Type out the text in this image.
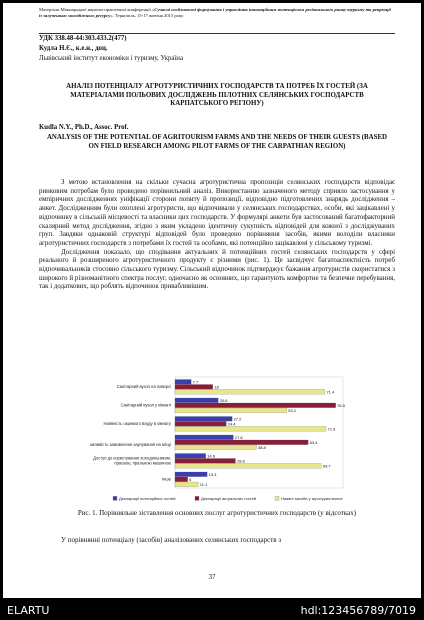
Матеріали Міжнародної науково-практичної конференції «Сучасні особливості формування і управління інноваційним потенціалом регіонального ринку туризму та рекреації із залученням молодіжного ресурсу». Тернопіль, 15-17 жовтня 2015 року
УДК 338.48-44:303.433.2(477)
Кудла Н.Є., к.е.н., доц.
Львівський інститут економіки і туризму, Україна
АНАЛІЗ ПОТЕНЦІАЛУ АГРОТУРИСТИЧНИХ ГОСПОДАРСТВ ТА ПОТРЕБ ЇХ ГОСТЕЙ (ЗА МАТЕРІАЛАМИ ПОЛЬОВИХ ДОСЛІДЖЕНЬ ПІЛОТНИХ СЕЛЯНСЬКИХ ГОСПОДАРСТВ КАРПАТСЬКОГО РЕГІОНУ)
Kudla N.Y., Ph.D., Assoc. Prof.
ANALYSIS OF THE POTENTIAL OF AGRITOURISM FARMS AND THE NEEDS OF THEIR GUESTS (BASED ON FIELD RESEARCH AMONG PILOT FARMS OF THE CARPATHIAN REGION)

З метою встановлення на скільки сучасна агротуристична пропозиція селянських господарств відповідає ринковим потребам було проведено порівняльний аналіз. Використанню зазначеного методу сприяло застосування у емпіричних дослідженнях уніфікації сторони попиту й пропозиції, відповідно підготовлених знарядь дослідження – анкет. Дослідженням були охоплені агротуристи, що відпочивали у селянських господарствах, особи, які зацікавлені у відпочинку в сільській місцевості та власники цих господарств. У формулярі анкети був застосований багатофакторний скалярний метод дослідження, згідно з яким укладено ідентичну сукупність відповідей для кожної з досліджуваних груп. Завдяки однаковій структурі відповідей було проведено порівняння засобів, якими володіли власники агротуристичних господарств з потребами їх гостей та особами, які потенційно зацікавлені у сільському туризмі.

Дослідження показало, що сподівання актуальних й потенційних гостей селянських господарств у сфері реального й розширеного агротуристичного продукту є різними (рис. 1). Це засвідчує багатоаспектність потреб відпочивальників стосовно сільського туризму. Сільський відпочинок підтверджує бажання агротуристів скористатися з широкого й різноманітного спектра послуг, одночасно як основних, що гарантують комфортне та безпечне перебування, так і додаткових, що роблять відпочинок привабливішим.

Санітарний вузол на поверсі
7.7
18
71.4
Санітарний вузол у кімнаті
20.6
76.5
53.2
Наявність окремого вхуду в кімнату
27.2
24.4
71.9
ожливість замовлення харчування на місці
27.8
63.4
38.8
Доступ до користування холодильником,
праскою, пральною машиною
14.6
28.8
69.7
Інше
15.3
6
11.1
Декларації потенційних гостей	Декларації актуальних гостей	Наявні засоби у агротуристичних
Рис. 1. Порівняльне зіставлення основних послуг агротуристичних господарств (у відсотках)
У порівнянні потенціалу (засобів) аналізованих селянських господарств з
37
ELARTU	hdl:123456789/7019
